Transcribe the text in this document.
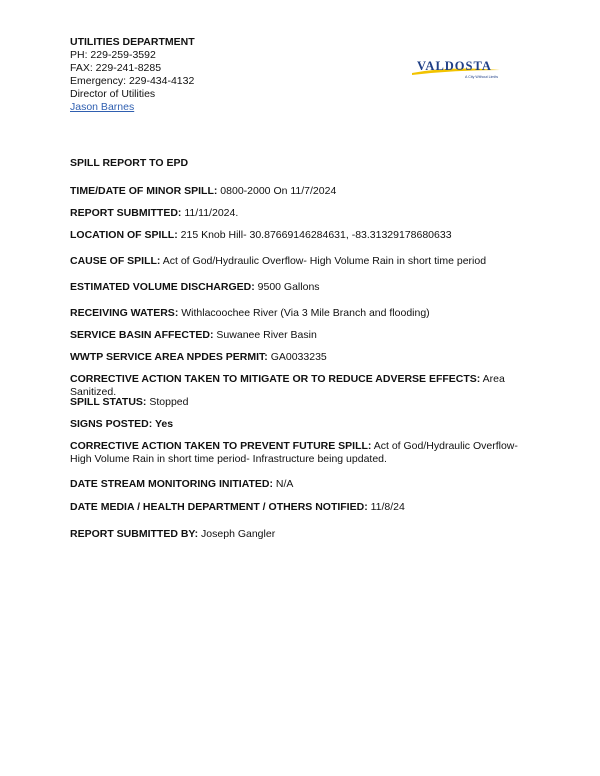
UTILITIES DEPARTMENT
PH: 229-259-3592
FAX: 229-241-8285
Emergency: 229-434-4132
Director of Utilities
Jason Barnes
VALDOSTA
A City Without Limits
SPILL REPORT TO EPD
TIME/DATE OF MINOR SPILL: 0800-2000 On 11/7/2024
REPORT SUBMITTED: 11/11/2024.
LOCATION OF SPILL: 215 Knob Hill- 30.87669146284631, -83.31329178680633
CAUSE OF SPILL: Act of God/Hydraulic Overflow- High Volume Rain in short time period
ESTIMATED VOLUME DISCHARGED: 9500 Gallons
RECEIVING WATERS: Withlacoochee River (Via 3 Mile Branch and flooding)
SERVICE BASIN AFFECTED: Suwanee River Basin
WWTP SERVICE AREA NPDES PERMIT: GA0033235
CORRECTIVE ACTION TAKEN TO MITIGATE OR TO REDUCE ADVERSE EFFECTS: Area Sanitized.
SPILL STATUS: Stopped
SIGNS POSTED: Yes
CORRECTIVE ACTION TAKEN TO PREVENT FUTURE SPILL: Act of God/Hydraulic Overflow- High Volume Rain in short time period- Infrastructure being updated.
DATE STREAM MONITORING INITIATED: N/A
DATE MEDIA / HEALTH DEPARTMENT / OTHERS NOTIFIED: 11/8/24
REPORT SUBMITTED BY: Joseph Gangler
